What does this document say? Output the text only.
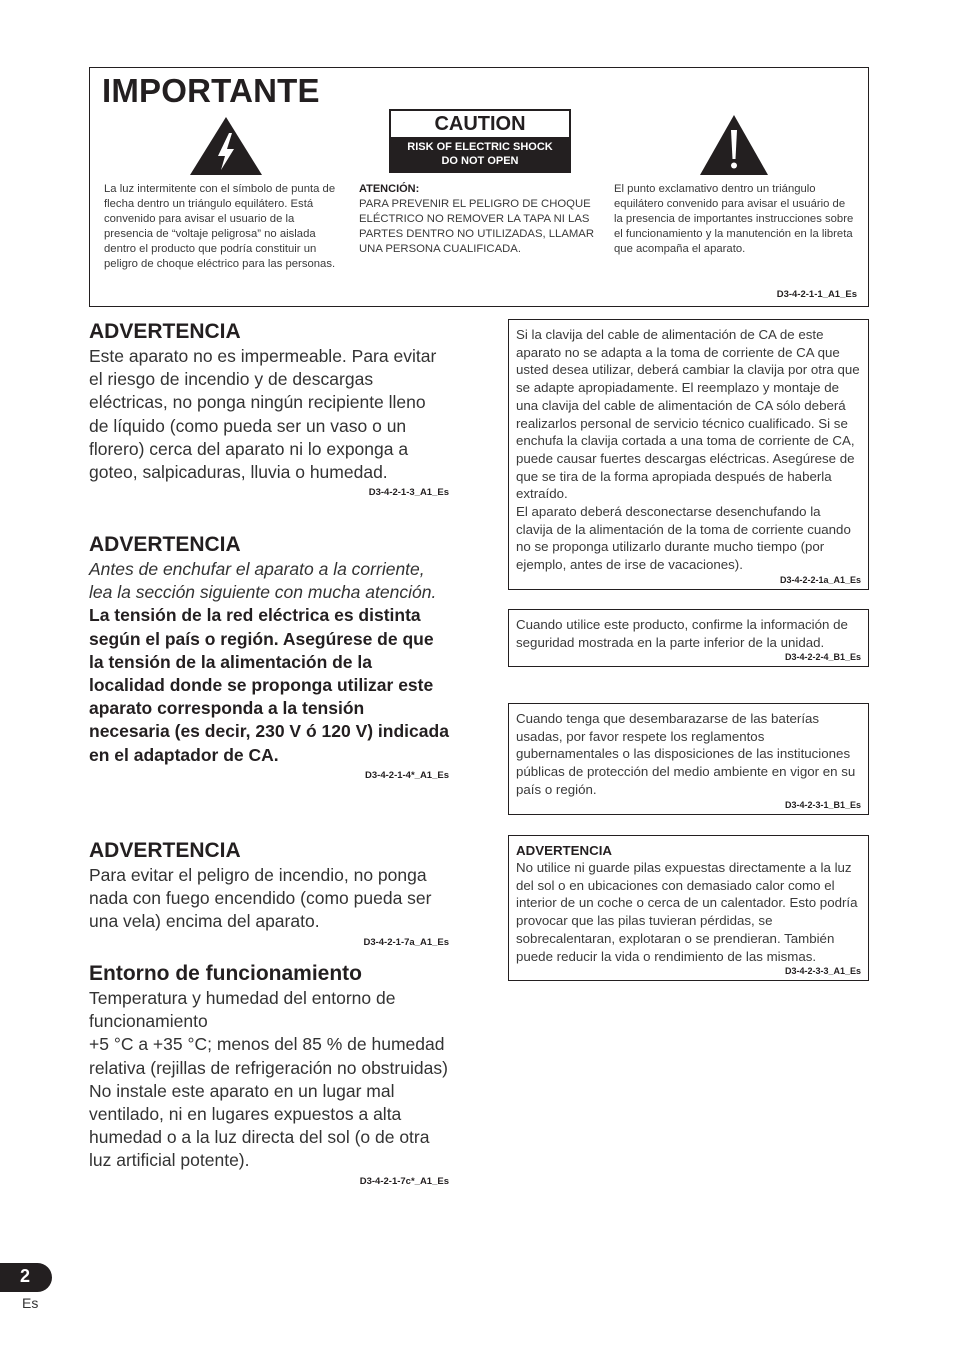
IMPORTANTE
CAUTION
RISK OF ELECTRIC SHOCK
DO NOT OPEN
La luz intermitente con el símbolo de punta de flecha dentro un triángulo equilátero. Está convenido para avisar el usuario de la presencia de “voltaje peligrosa” no aislada dentro el producto que podría constituir un peligro de choque eléctrico para las personas.
ATENCIÓN:
PARA PREVENIR EL PELIGRO DE CHOQUE ELÉCTRICO NO REMOVER LA TAPA NI LAS PARTES DENTRO NO UTILIZADAS, LLAMAR UNA PERSONA CUALIFICADA.
El punto exclamativo dentro un triángulo equilátero convenido para avisar el usuário de la presencia de importantes instrucciones sobre el funcionamiento y la manutención en la libreta que acompaña el aparato.
D3-4-2-1-1_A1_Es
ADVERTENCIA
Este aparato no es impermeable. Para evitar el riesgo de incendio y de descargas eléctricas, no ponga ningún recipiente lleno de líquido (como pueda ser un vaso o un florero) cerca del aparato ni lo exponga a goteo, salpicaduras, lluvia o humedad.
D3-4-2-1-3_A1_Es
ADVERTENCIA
Antes de enchufar el aparato a la corriente, lea la sección siguiente con mucha atención.
La tensión de la red eléctrica es distinta según el país o región. Asegúrese de que la tensión de la alimentación de la localidad donde se proponga utilizar este aparato corresponda a la tensión necesaria (es decir, 230 V ó 120 V) indicada en el adaptador de CA.
D3-4-2-1-4*_A1_Es
ADVERTENCIA
Para evitar el peligro de incendio, no ponga nada con fuego encendido (como pueda ser una vela) encima del aparato.
D3-4-2-1-7a_A1_Es
Entorno de funcionamiento
Temperatura y humedad del entorno de funcionamiento
+5 °C a +35 °C; menos del 85 % de humedad relativa (rejillas de refrigeración no obstruidas)
No instale este aparato en un lugar mal ventilado, ni en lugares expuestos a alta humedad o a la luz directa del sol (o de otra luz artificial potente).
D3-4-2-1-7c*_A1_Es
Si la clavija del cable de alimentación de CA de este aparato no se adapta a la toma de corriente de CA que usted desea utilizar, deberá cambiar la clavija por otra que se adapte apropiadamente. El reemplazo y montaje de una clavija del cable de alimentación de CA sólo deberá realizarlos personal de servicio técnico cualificado. Si se enchufa la clavija cortada a una toma de corriente de CA, puede causar fuertes descargas eléctricas. Asegúrese de que se tira de la forma apropiada después de haberla extraído.
El aparato deberá desconectarse desenchufando la clavija de la alimentación de la toma de corriente cuando no se proponga utilizarlo durante mucho tiempo (por ejemplo, antes de irse de vacaciones).
D3-4-2-2-1a_A1_Es
Cuando utilice este producto, confirme la información de seguridad mostrada en la parte inferior de la unidad.
D3-4-2-2-4_B1_Es
Cuando tenga que desembarazarse de las baterías usadas, por favor respete los reglamentos gubernamentales o las disposiciones de las instituciones públicas de protección del medio ambiente en vigor en su país o región.
D3-4-2-3-1_B1_Es
ADVERTENCIA
No utilice ni guarde pilas expuestas directamente a la luz del sol o en ubicaciones con demasiado calor como el interior de un coche o cerca de un calentador. Esto podría provocar que las pilas tuvieran pérdidas, se sobrecalentaran, explotaran o se prendieran. También puede reducir la vida o rendimiento de las mismas.
D3-4-2-3-3_A1_Es
2
Es
